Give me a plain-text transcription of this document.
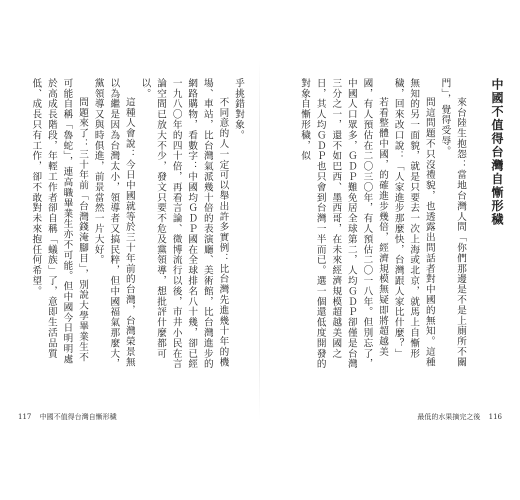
乎挑錯對象。

不同意的人一定可以舉出許多實例：比台灣先進幾十年的機場、車站，比台灣氣派幾十倍的表演廳、美術館，比台灣進步的網路購物，看數字：中國均ＧＤＰ國在全球排名八十幾，卻已經一九八〇年的四十倍，再看言論、微博流行以後，市井小民在言論空間已放大不少，發文只要不危及黨領導，想批評什麼都可以。

這種人會說：今日中國就等於三十年前的台灣，台灣榮景無以為繼是因為台灣太小，領導者又搞民粹，但中國福氣那麼大，黨領導又與時俱進，前景當然一片大好。

問題來了：三十年前「台灣錢淹腳目」，別說大學畢業生不可能自稱「魯蛇」，連高職畢業生亦不可能。但中國今日明明處於高成長階段，年輕工作者卻自稱「蟻族」了，意即生活品質低、成長只有工作，卻不敢對未來抱任何希望。

117 中國不值得台灣自慚形穢

中國不值得台灣自慚形穢

來台陸生抱怨：當地台灣人問「你們那邊是不是上廁所不關門」，覺得受辱。

問這問題不只沒禮貌，也透露出問話者對中國的無知。這種無知的另一面貌，就是只要去一次上海或北京，就馬上自慚形穢，回來改口說：「人家進步那麼快，台灣跟人家比什麼？」

若看整體中國，的確進步幾倍，經濟規模無疑即將超越美國，有人預估在二〇三〇年，有人預估二〇一八年。但別忘了，中國人口眾多，ＧＤＰ難免居全球第二，人均ＧＤＰ卻僅是台灣三分之一，還不如巴西、墨西哥，在未來經濟規模超越美國之日，其人均ＧＤＰ也只會到台灣一半而已。選一個還低度開發的對象自慚形穢，似

最低的水果摘完之後 116
